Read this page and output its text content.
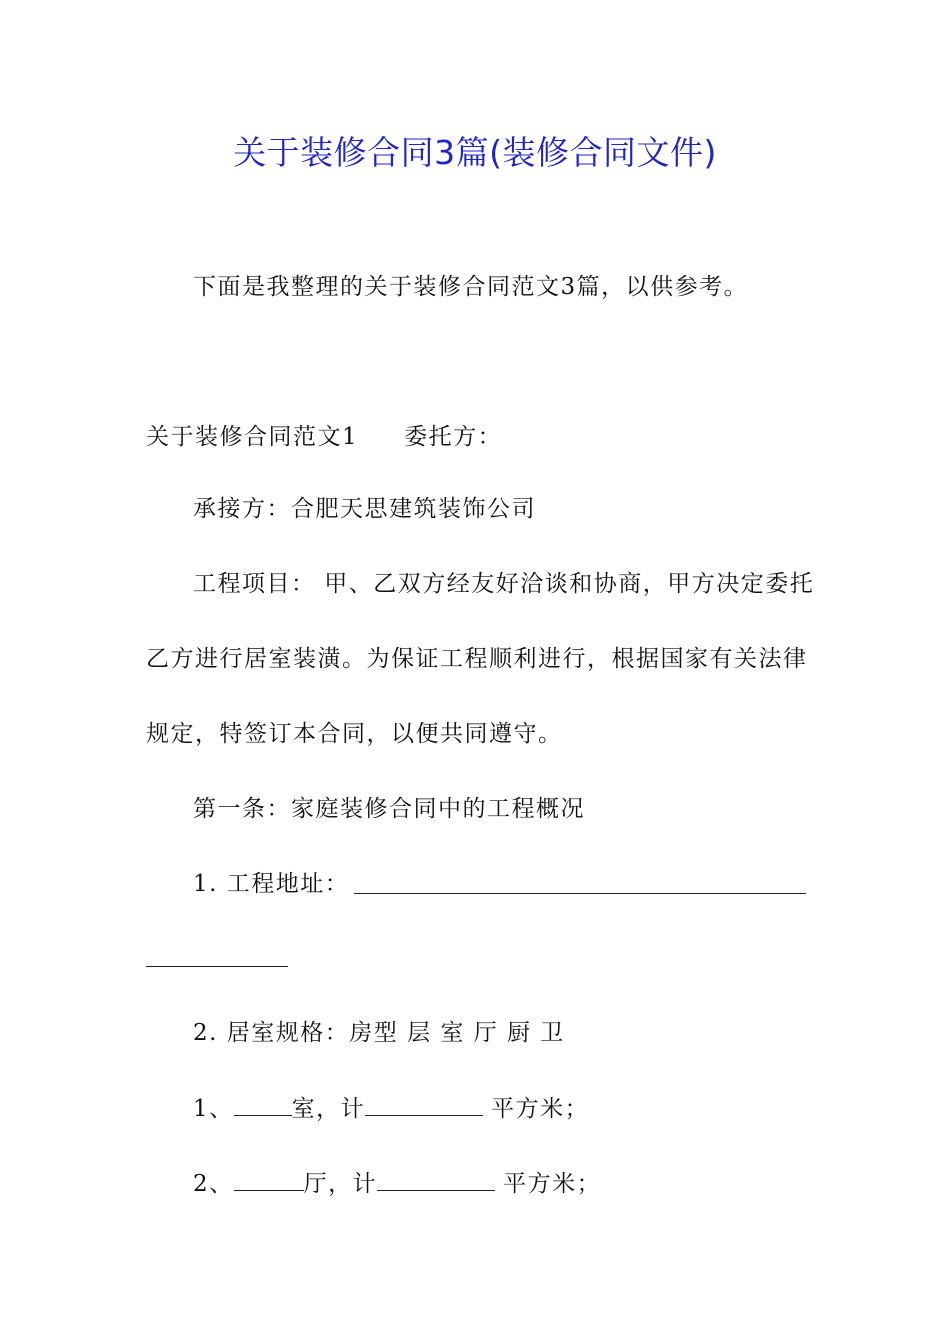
关于装修合同3篇(装修合同文件)
下面是我整理的关于装修合同范文3篇，以供参考。
关于装修合同范文1 委托方：
承接方：合肥天思建筑装饰公司
工程项目： 甲、乙双方经友好洽谈和协商，甲方决定委托
乙方进行居室装潢。为保证工程顺利进行，根据国家有关法律
规定，特签订本合同，以便共同遵守。
第一条：家庭装修合同中的工程概况
1. 工程地址：
2. 居室规格：房型 层 室 厅 厨 卫
1、	室，计	平方米；
2、	厅，计	平方米；
